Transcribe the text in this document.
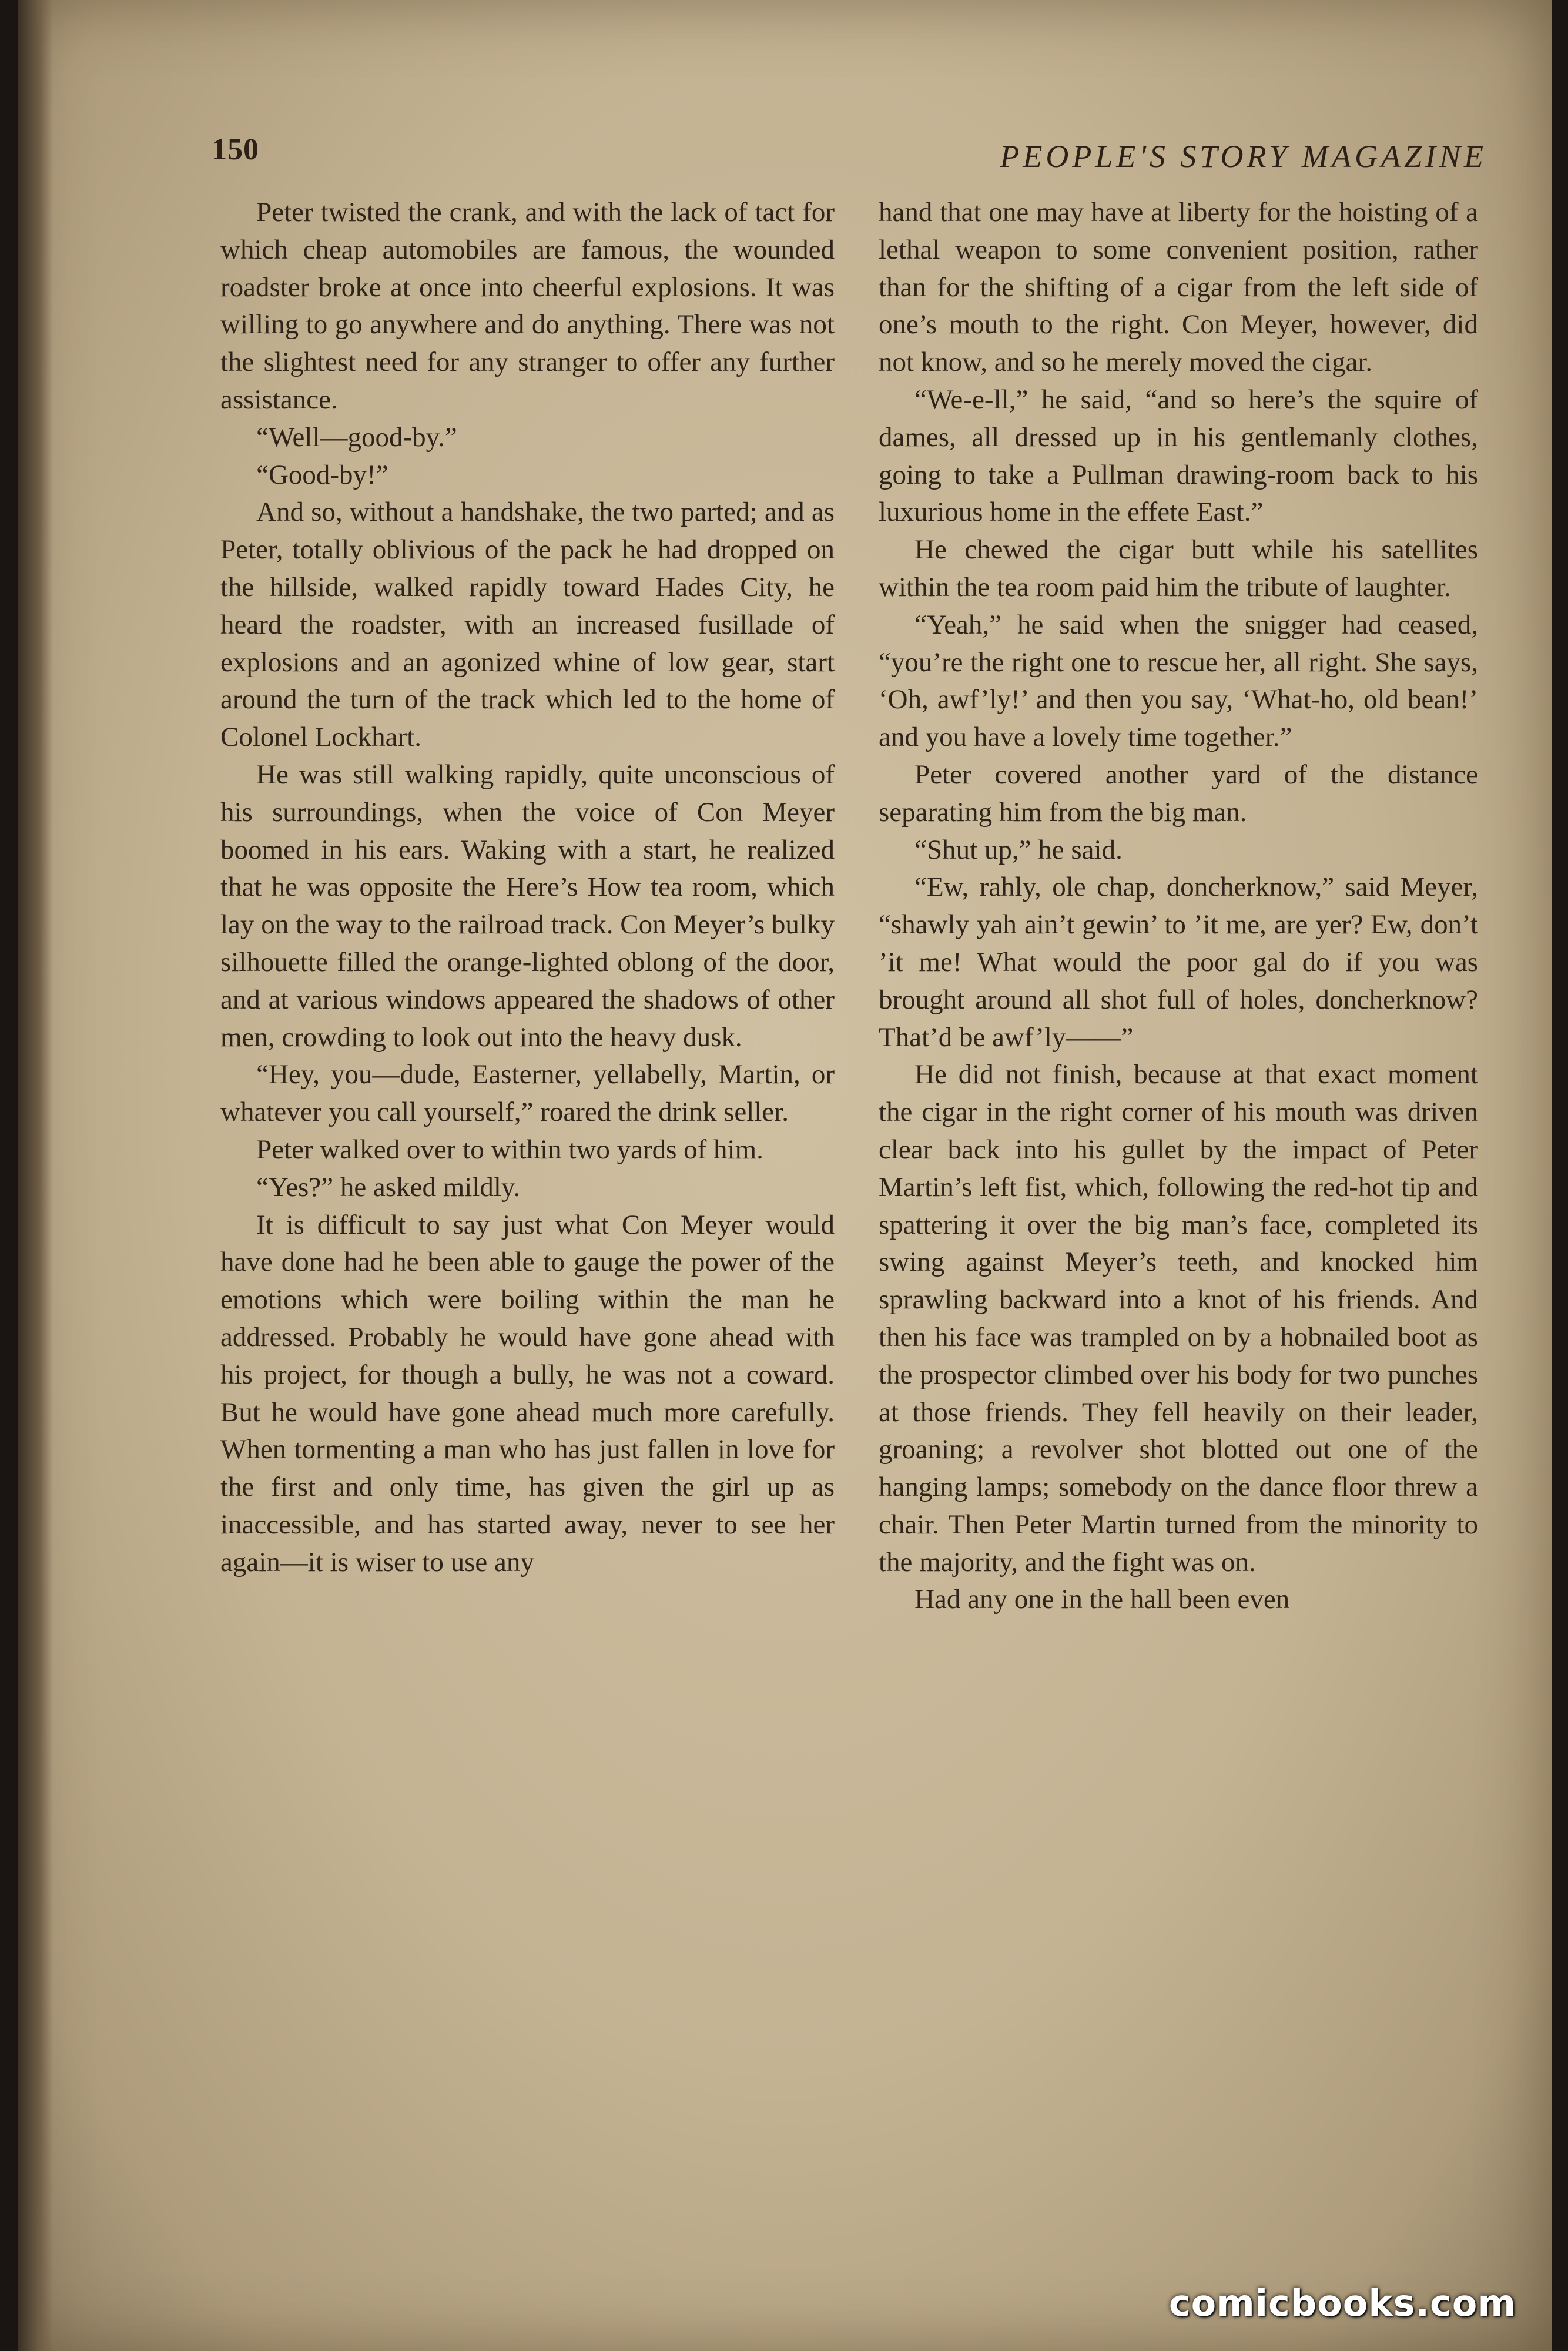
150	PEOPLE'S STORY MAGAZINE

Peter twisted the crank, and with the lack of tact for which cheap automobiles are famous, the wounded roadster broke at once into cheerful explosions. It was willing to go anywhere and do anything. There was not the slightest need for any stranger to offer any further assistance.

“Well—good-by.”

“Good-by!”

And so, without a handshake, the two parted; and as Peter, totally oblivious of the pack he had dropped on the hillside, walked rapidly toward Hades City, he heard the roadster, with an increased fusillade of explosions and an agonized whine of low gear, start around the turn of the track which led to the home of Colonel Lockhart.

He was still walking rapidly, quite unconscious of his surroundings, when the voice of Con Meyer boomed in his ears. Waking with a start, he realized that he was opposite the Here’s How tea room, which lay on the way to the railroad track. Con Meyer’s bulky silhouette filled the orange-lighted oblong of the door, and at various windows appeared the shadows of other men, crowding to look out into the heavy dusk.

“Hey, you—dude, Easterner, yellabelly, Martin, or whatever you call yourself,” roared the drink seller.

Peter walked over to within two yards of him.

“Yes?” he asked mildly.

It is difficult to say just what Con Meyer would have done had he been able to gauge the power of the emotions which were boiling within the man he addressed. Probably he would have gone ahead with his project, for though a bully, he was not a coward. But he would have gone ahead much more carefully. When tormenting a man who has just fallen in love for the first and only time, has given the girl up as inaccessible, and has started away, never to see her again—it is wiser to use any

hand that one may have at liberty for the hoisting of a lethal weapon to some convenient position, rather than for the shifting of a cigar from the left side of one’s mouth to the right. Con Meyer, however, did not know, and so he merely moved the cigar.

“We-e-ll,” he said, “and so here’s the squire of dames, all dressed up in his gentlemanly clothes, going to take a Pullman drawing-room back to his luxurious home in the effete East.”

He chewed the cigar butt while his satellites within the tea room paid him the tribute of laughter.

“Yeah,” he said when the snigger had ceased, “you’re the right one to rescue her, all right. She says, ‘Oh, awf’ly!’ and then you say, ‘What-ho, old bean!’ and you have a lovely time together.”

Peter covered another yard of the distance separating him from the big man.

“Shut up,” he said.

“Ew, rahly, ole chap, doncherknow,” said Meyer, “shawly yah ain’t gewin’ to ’it me, are yer? Ew, don’t ’it me! What would the poor gal do if you was brought around all shot full of holes, doncherknow? That’d be awf’ly——”

He did not finish, because at that exact moment the cigar in the right corner of his mouth was driven clear back into his gullet by the impact of Peter Martin’s left fist, which, following the red-hot tip and spattering it over the big man’s face, completed its swing against Meyer’s teeth, and knocked him sprawling backward into a knot of his friends. And then his face was trampled on by a hobnailed boot as the prospector climbed over his body for two punches at those friends. They fell heavily on their leader, groaning; a revolver shot blotted out one of the hanging lamps; somebody on the dance floor threw a chair. Then Peter Martin turned from the minority to the majority, and the fight was on.

Had any one in the hall been even

comicbooks.com
